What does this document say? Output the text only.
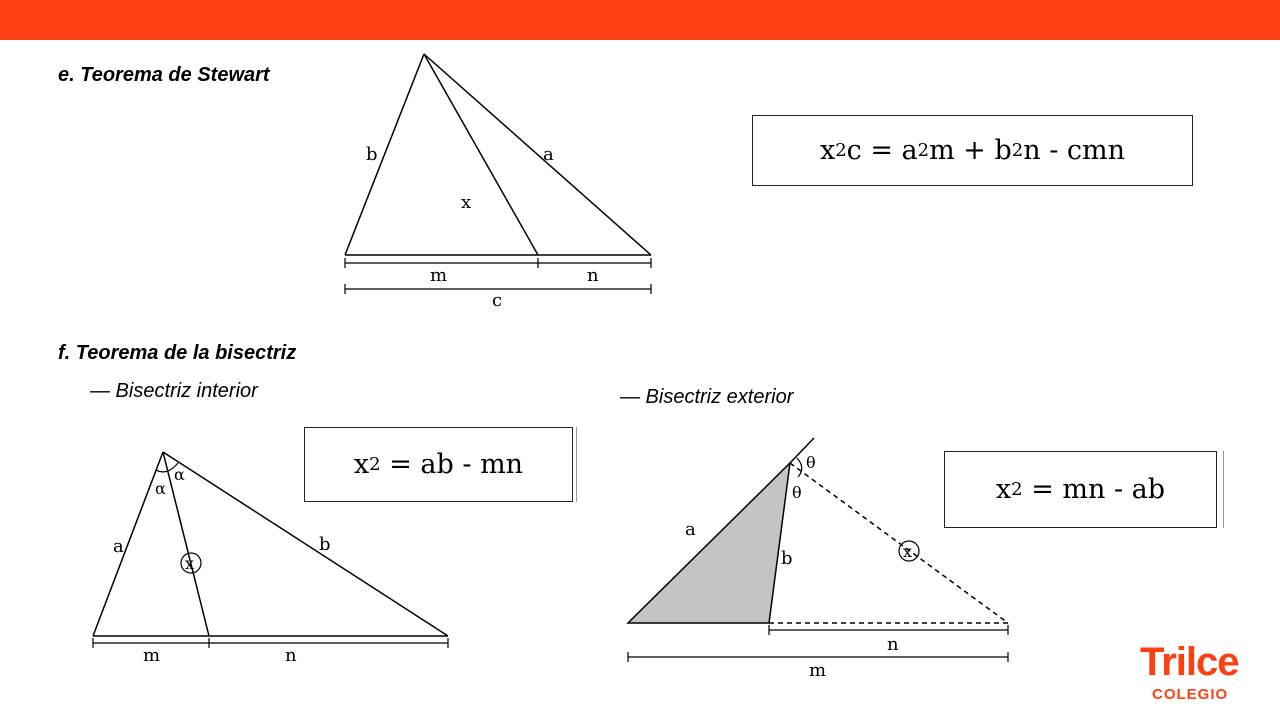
e. Teorema de Stewart
f. Teorema de la bisectriz
— Bisectriz interior	— Bisectriz exterior
x 2 c = a 2 m + b 2 n - cmn
x 2 = ab - mn
x 2 = mn - ab
b	a
x
m	n
c
α
α
a	b
x
m	n
θ
θ
a
b	x
n
m	Trilce
COLEGIO
